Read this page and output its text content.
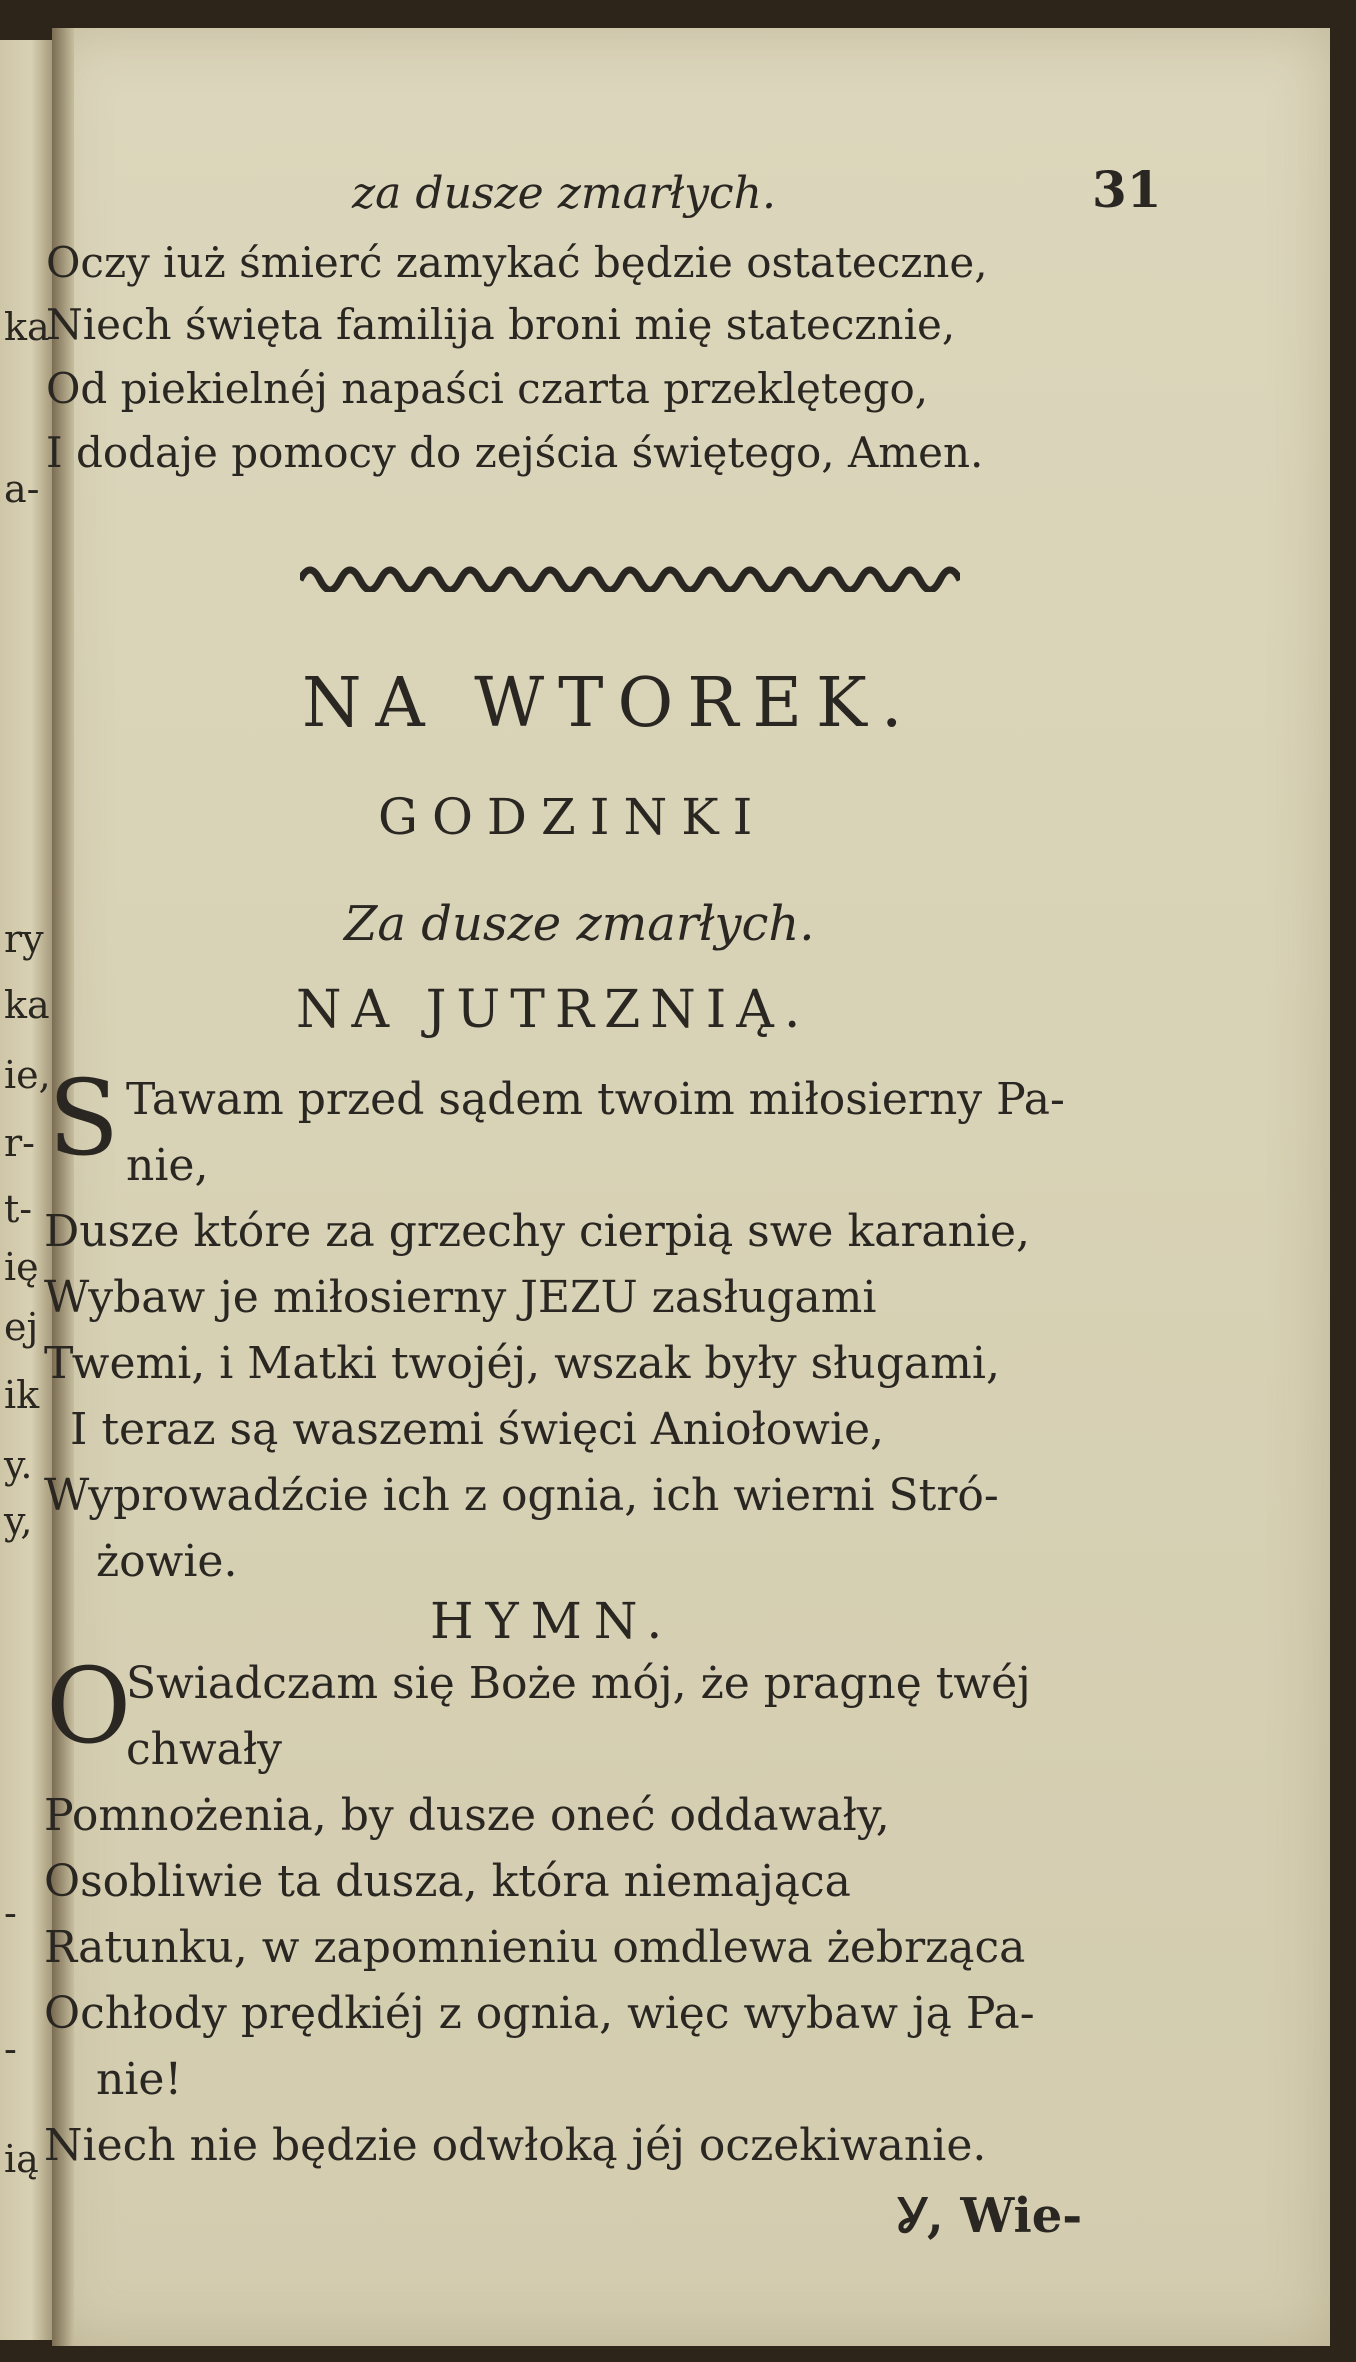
ka
a-
ry
ka
ie,
r-
t-
ię
ej
ik
y.
y,
-
-
ią
za dusze zmarłych.	31
Oczy iuż śmierć zamykać będzie ostateczne,
Niech święta familija broni mię statecznie,
Od piekielnéj napaści czarta przeklętego,
I dodaje pomocy do zejścia świętego, Amen.
NA WTOREK.
GODZINKI
Za dusze zmarłych.
NA JUTRZNIĄ.
S Tawam przed sądem twoim miłosierny Pa-
nie,
Dusze które za grzechy cierpią swe karanie,
Wybaw je miłosierny JEZU zasługami
Twemi, i Matki twojéj, wszak były sługami,
I teraz są waszemi święci Aniołowie,
Wyprowadźcie ich z ognia, ich wierni Stró-
żowie.
HYMN.
O
Swiadczam się Boże mój, że pragnę twéj
chwały
Pomnożenia, by dusze oneć oddawały,
Osobliwie ta dusza, która niemająca
Ratunku, w zapomnieniu omdlewa żebrząca
Ochłody prędkiéj z ognia, więc wybaw ją Pa-
nie!
Niech nie będzie odwłoką jéj oczekiwanie.
Ỿ, Wie-
